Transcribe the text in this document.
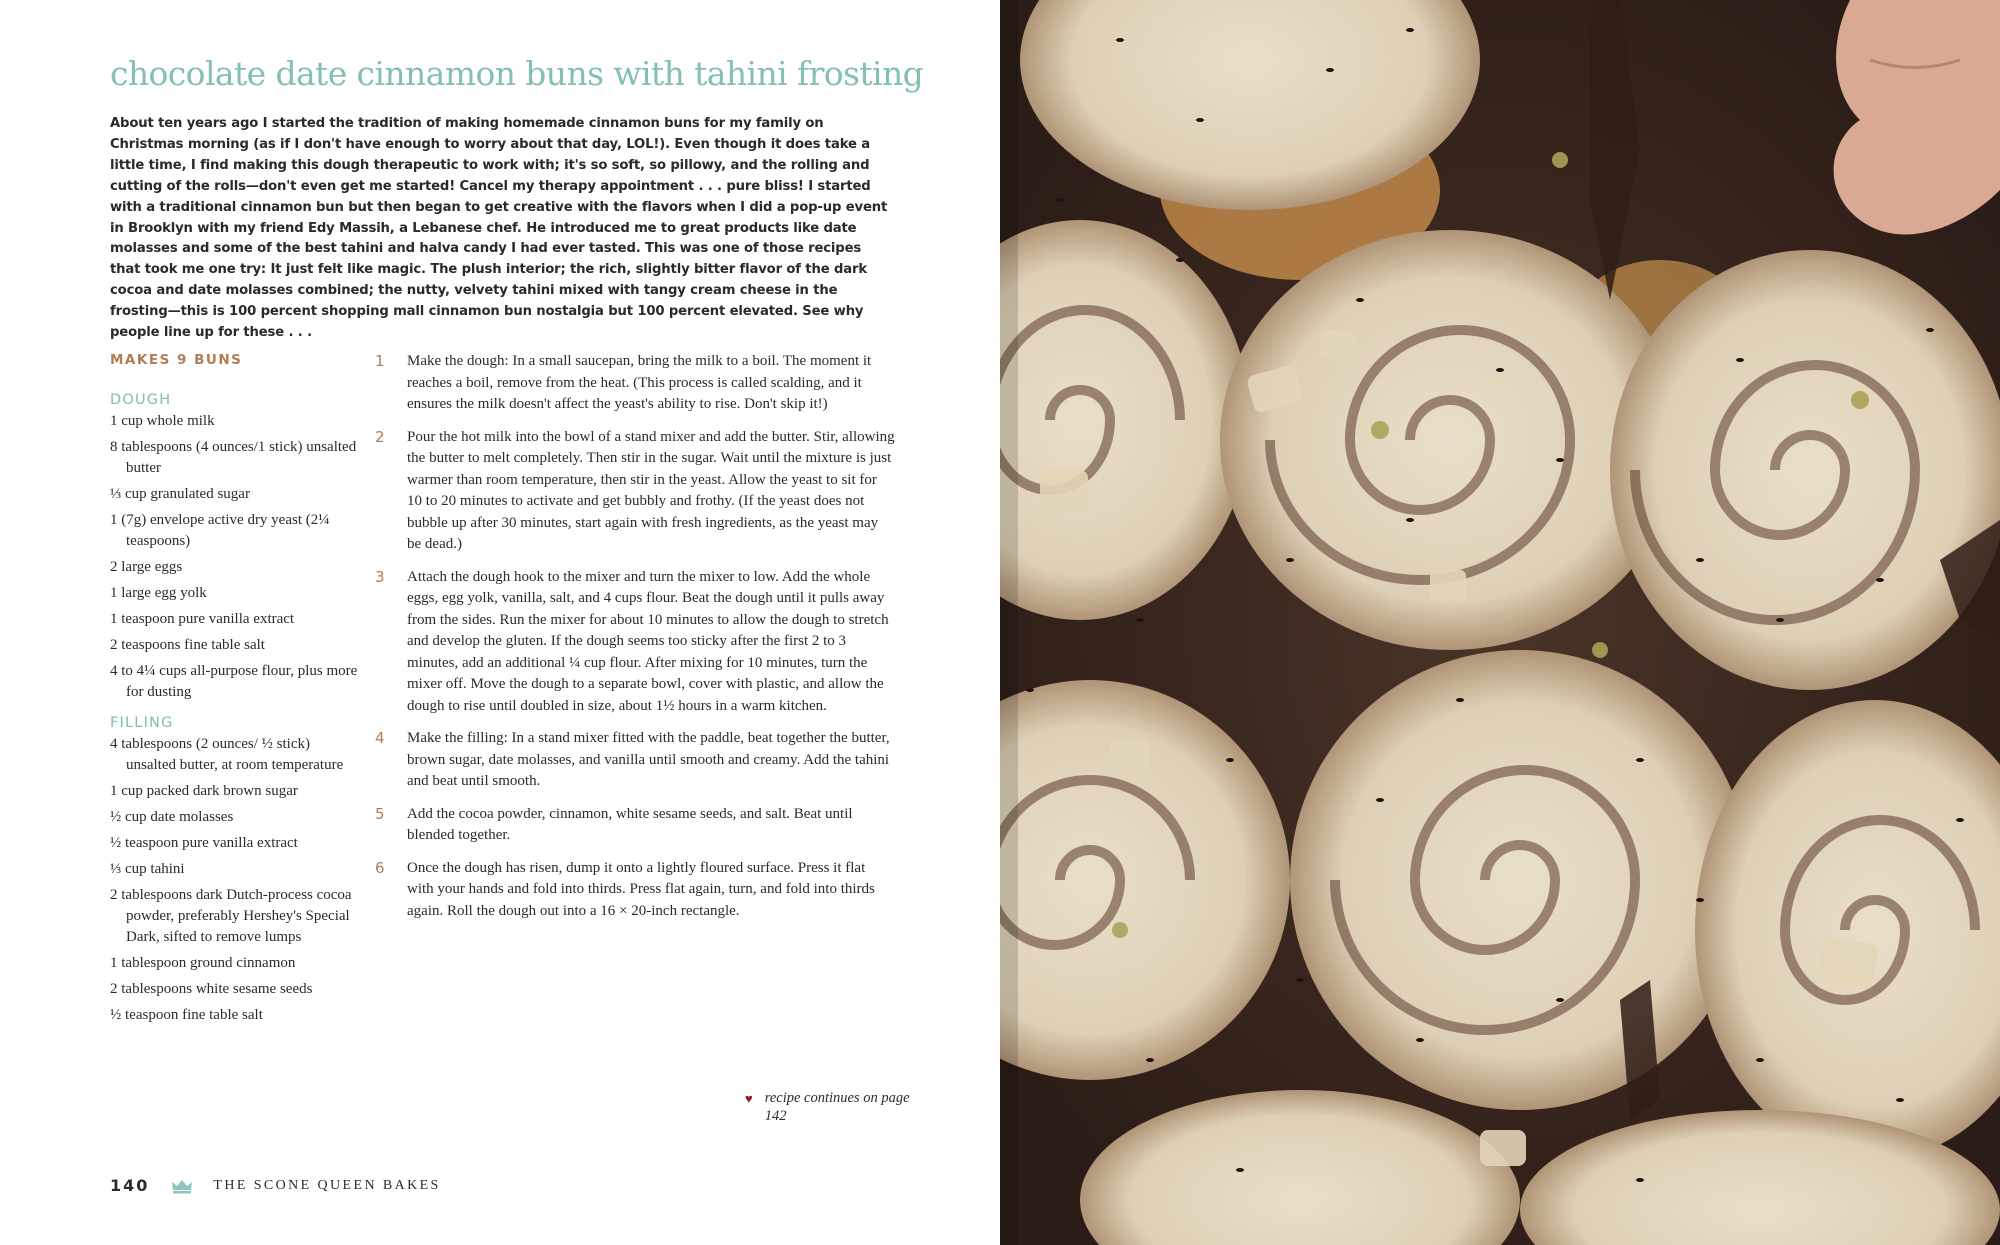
chocolate date cinnamon buns with tahini frosting

About ten years ago I started the tradition of making homemade cinnamon buns for my family on Christmas morning (as if I don't have enough to worry about that day, LOL!). Even though it does take a little time, I find making this dough therapeutic to work with; it's so soft, so pillowy, and the rolling and cutting of the rolls—don't even get me started! Cancel my therapy appointment . . . pure bliss! I started with a traditional cinnamon bun but then began to get creative with the flavors when I did a pop-up event in Brooklyn with my friend Edy Massih, a Lebanese chef. He introduced me to great products like date molasses and some of the best tahini and halva candy I had ever tasted. This was one of those recipes that took me one try: It just felt like magic. The plush interior; the rich, slightly bitter flavor of the dark cocoa and date molasses combined; the nutty, velvety tahini mixed with tangy cream cheese in the frosting—this is 100 percent shopping mall cinnamon bun nostalgia but 100 percent elevated. See why people line up for these . . .

MAKES 9 BUNS

DOUGH
1 cup whole milk
8 tablespoons (4 ounces/1 stick) unsalted butter
⅓ cup granulated sugar
1 (7g) envelope active dry yeast (2¼ teaspoons)
2 large eggs
1 large egg yolk
1 teaspoon pure vanilla extract
2 teaspoons fine table salt
4 to 4¼ cups all-purpose flour, plus more for dusting
FILLING
4 tablespoons (2 ounces/ ½ stick) unsalted butter, at room temperature
1 cup packed dark brown sugar
½ cup date molasses
½ teaspoon pure vanilla extract
⅓ cup tahini
2 tablespoons dark Dutch-process cocoa powder, preferably Hershey's Special Dark, sifted to remove lumps
1 tablespoon ground cinnamon
2 tablespoons white sesame seeds
½ teaspoon fine table salt
1	Make the dough: In a small saucepan, bring the milk to a boil. The moment it reaches a boil, remove from the heat. (This process is called scalding, and it ensures the milk doesn't affect the yeast's ability to rise. Don't skip it!)
2	Pour the hot milk into the bowl of a stand mixer and add the butter. Stir, allowing the butter to melt completely. Then stir in the sugar. Wait until the mixture is just warmer than room temperature, then stir in the yeast. Allow the yeast to sit for 10 to 20 minutes to activate and get bubbly and frothy. (If the yeast does not bubble up after 30 minutes, start again with fresh ingredients, as the yeast may be dead.)
3	Attach the dough hook to the mixer and turn the mixer to low. Add the whole eggs, egg yolk, vanilla, salt, and 4 cups flour. Beat the dough until it pulls away from the sides. Run the mixer for about 10 minutes to allow the dough to stretch and develop the gluten. If the dough seems too sticky after the first 2 to 3 minutes, add an additional ¼ cup flour. After mixing for 10 minutes, turn the mixer off. Move the dough to a separate bowl, cover with plastic, and allow the dough to rise until doubled in size, about 1½ hours in a warm kitchen.
4	Make the filling: In a stand mixer fitted with the paddle, beat together the butter, brown sugar, date molasses, and vanilla until smooth and creamy. Add the tahini and beat until smooth.
5	Add the cocoa powder, cinnamon, white sesame seeds, and salt. Beat until blended together.
6	Once the dough has risen, dump it onto a lightly floured surface. Press it flat with your hands and fold into thirds. Press flat again, turn, and fold into thirds again. Roll the dough out into a 16 × 20-inch rectangle.
♥ recipe continues on page 142
140	THE SCONE QUEEN BAKES
